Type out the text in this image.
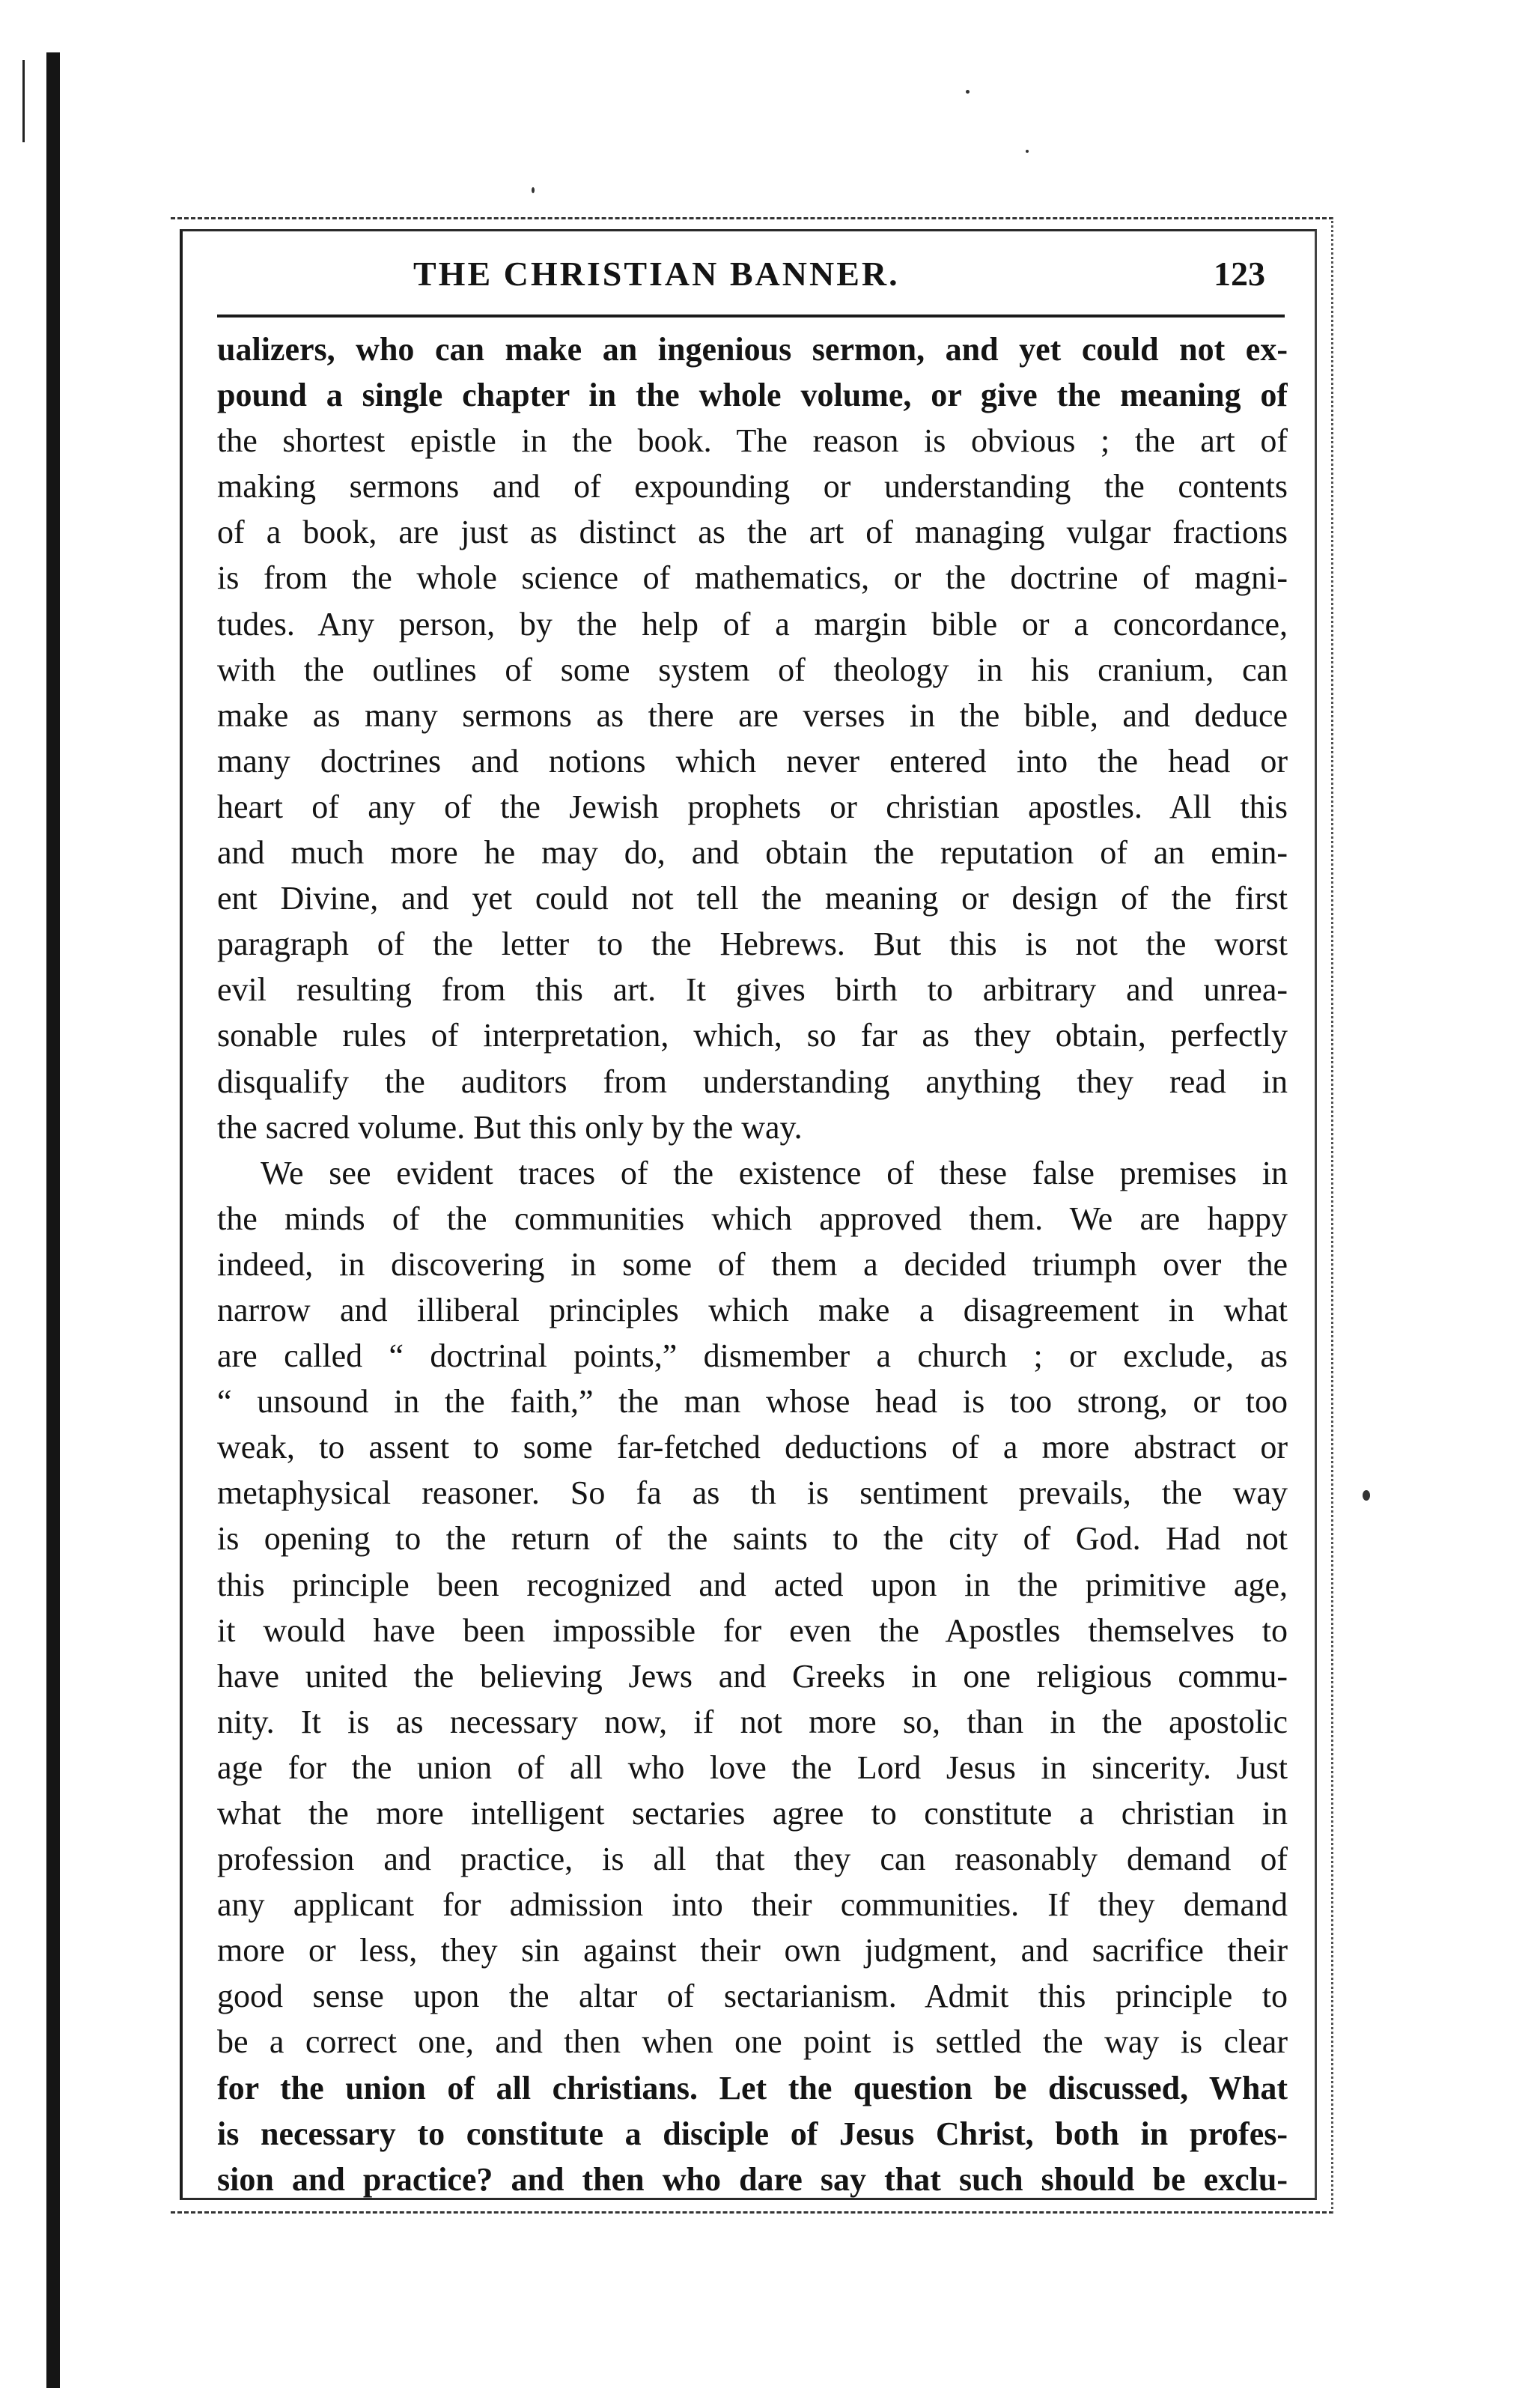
THE CHRISTIAN BANNER.	123
ualizers, who can make an ingenious sermon, and yet could not ex-
pound a single chapter in the whole volume, or give the meaning of
the shortest epistle in the book. The reason is obvious ; the art of
making sermons and of expounding or understanding the contents
of a book, are just as distinct as the art of managing vulgar fractions
is from the whole science of mathematics, or the doctrine of magni-
tudes. Any person, by the help of a margin bible or a concordance,
with the outlines of some system of theology in his cranium, can
make as many sermons as there are verses in the bible, and deduce
many doctrines and notions which never entered into the head or
heart of any of the Jewish prophets or christian apostles. All this
and much more he may do, and obtain the reputation of an emin-
ent Divine, and yet could not tell the meaning or design of the first
paragraph of the letter to the Hebrews. But this is not the worst
evil resulting from this art. It gives birth to arbitrary and unrea-
sonable rules of interpretation, which, so far as they obtain, perfectly
disqualify the auditors from understanding anything they read in
the sacred volume. But this only by the way.
We see evident traces of the existence of these false premises in
the minds of the communities which approved them. We are happy
indeed, in discovering in some of them a decided triumph over the
narrow and illiberal principles which make a disagreement in what
are called “ doctrinal points,” dismember a church ; or exclude, as
“ unsound in the faith,” the man whose head is too strong, or too
weak, to assent to some far-fetched deductions of a more abstract or
metaphysical reasoner. So fa as th is sentiment prevails, the way
is opening to the return of the saints to the city of God. Had not
this principle been recognized and acted upon in the primitive age,
it would have been impossible for even the Apostles themselves to
have united the believing Jews and Greeks in one religious commu-
nity. It is as necessary now, if not more so, than in the apostolic
age for the union of all who love the Lord Jesus in sincerity. Just
what the more intelligent sectaries agree to constitute a christian in
profession and practice, is all that they can reasonably demand of
any applicant for admission into their communities. If they demand
more or less, they sin against their own judgment, and sacrifice their
good sense upon the altar of sectarianism. Admit this principle to
be a correct one, and then when one point is settled the way is clear
for the union of all christians. Let the question be discussed, What
is necessary to constitute a disciple of Jesus Christ, both in profes-
sion and practice? and then who dare say that such should be exclu-
